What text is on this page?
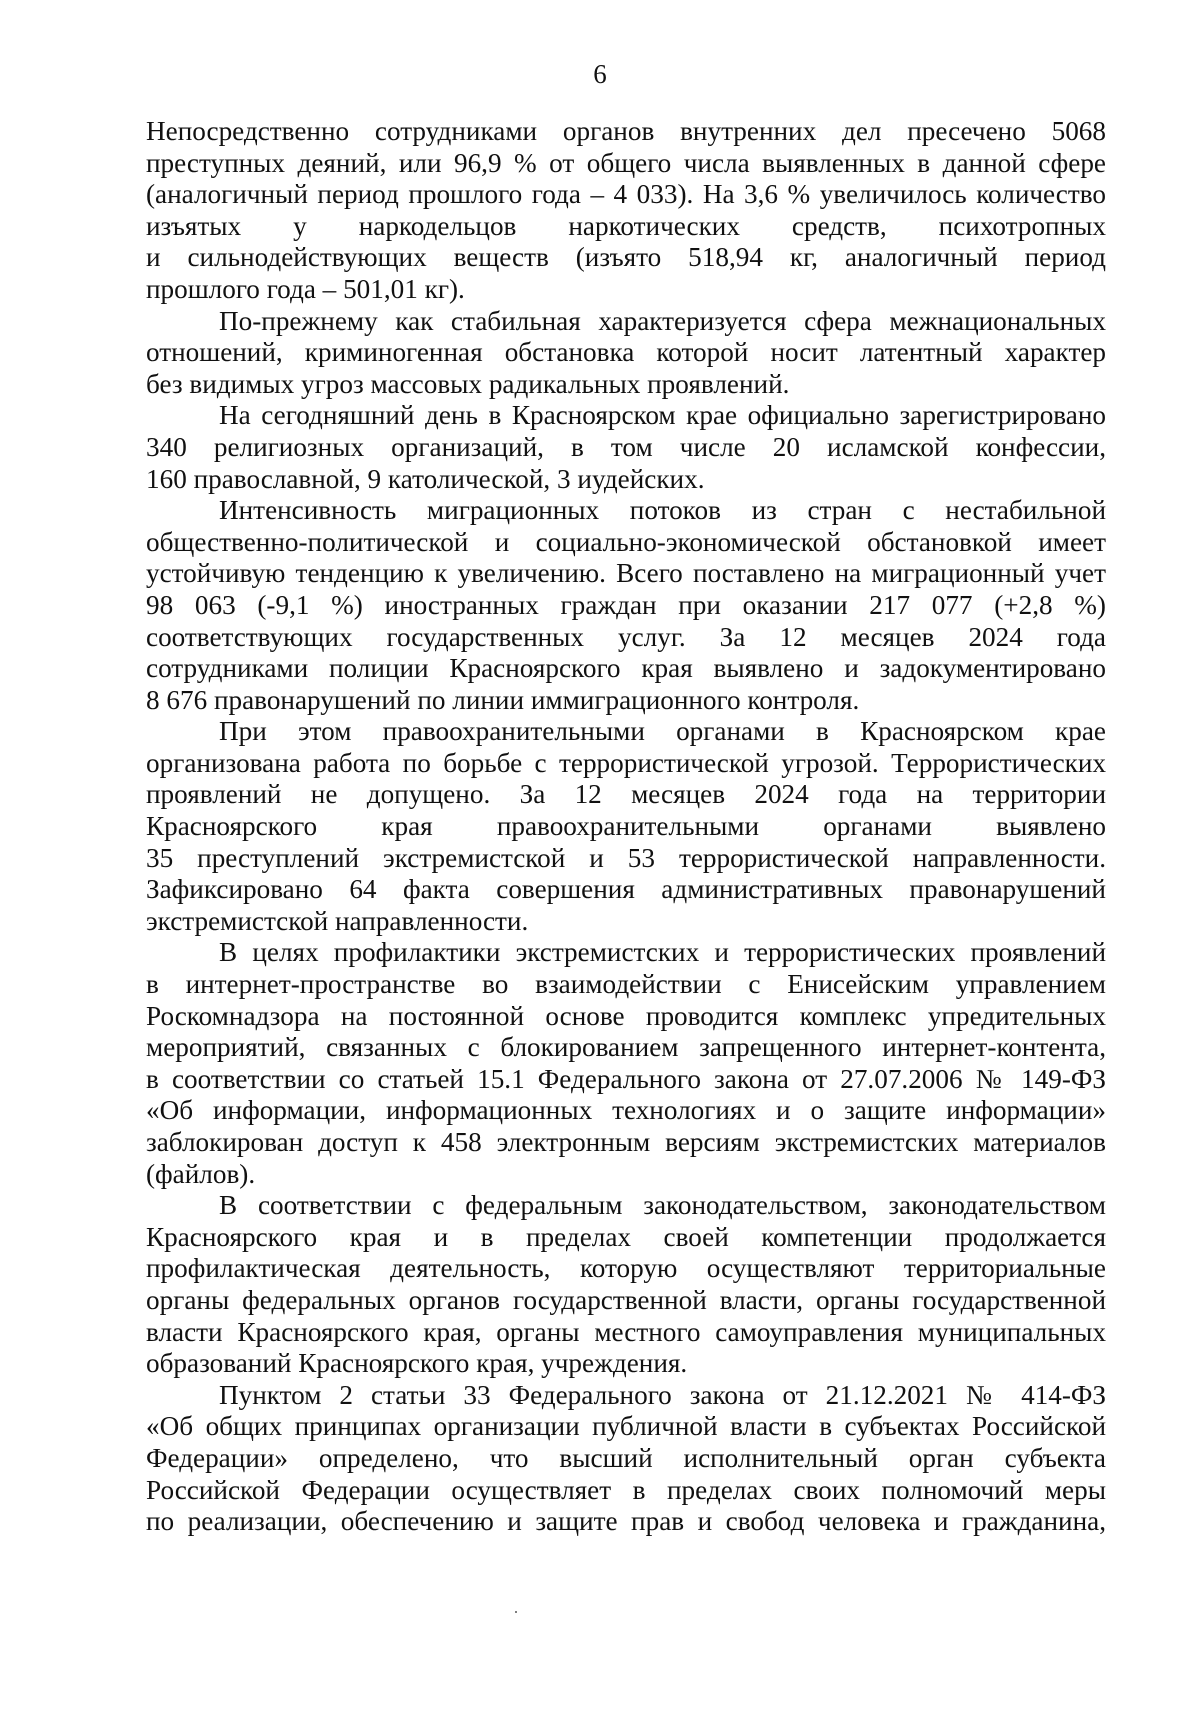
6
Непосредственно сотрудниками органов внутренних дел пресечено 5068
преступных деяний, или 96,9 % от общего числа выявленных в данной сфере
(аналогичный период прошлого года – 4 033). На 3,6 % увеличилось количество
изъятых у наркодельцов наркотических средств, психотропных
и сильнодействующих веществ (изъято 518,94 кг, аналогичный период
прошлого года – 501,01 кг).
По-прежнему как стабильная характеризуется сфера межнациональных
отношений, криминогенная обстановка которой носит латентный характер
без видимых угроз массовых радикальных проявлений.
На сегодняшний день в Красноярском крае официально зарегистрировано
340 религиозных организаций, в том числе 20 исламской конфессии,
160 православной, 9 католической, 3 иудейских.
Интенсивность миграционных потоков из стран с нестабильной
общественно-политической и социально-экономической обстановкой имеет
устойчивую тенденцию к увеличению. Всего поставлено на миграционный учет
98 063 (-9,1 %) иностранных граждан при оказании 217 077 (+2,8 %)
соответствующих государственных услуг. За 12 месяцев 2024 года
сотрудниками полиции Красноярского края выявлено и задокументировано
8 676 правонарушений по линии иммиграционного контроля.
При этом правоохранительными органами в Красноярском крае
организована работа по борьбе с террористической угрозой. Террористических
проявлений не допущено. За 12 месяцев 2024 года на территории
Красноярского края правоохранительными органами выявлено
35 преступлений экстремистской и 53 террористической направленности.
Зафиксировано 64 факта совершения административных правонарушений
экстремистской направленности.
В целях профилактики экстремистских и террористических проявлений
в интернет-пространстве во взаимодействии с Енисейским управлением
Роскомнадзора на постоянной основе проводится комплекс упредительных
мероприятий, связанных с блокированием запрещенного интернет-контента,
в соответствии со статьей 15.1 Федерального закона от 27.07.2006 № 149-ФЗ
«Об информации, информационных технологиях и о защите информации»
заблокирован доступ к 458 электронным версиям экстремистских материалов
(файлов).
В соответствии с федеральным законодательством, законодательством
Красноярского края и в пределах своей компетенции продолжается
профилактическая деятельность, которую осуществляют территориальные
органы федеральных органов государственной власти, органы государственной
власти Красноярского края, органы местного самоуправления муниципальных
образований Красноярского края, учреждения.
Пунктом 2 статьи 33 Федерального закона от 21.12.2021 № 414-ФЗ
«Об общих принципах организации публичной власти в субъектах Российской
Федерации» определено, что высший исполнительный орган субъекта
Российской Федерации осуществляет в пределах своих полномочий меры
по реализации, обеспечению и защите прав и свобод человека и гражданина,
